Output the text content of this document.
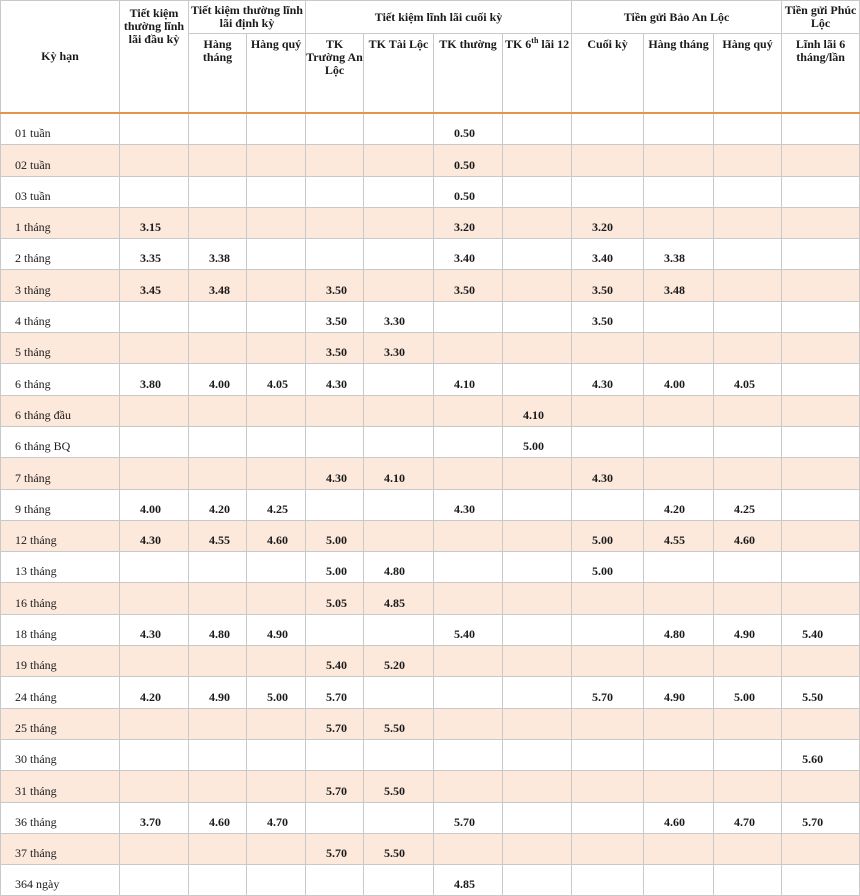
Kỳ hạn	Tiết kiệm thường lĩnh lãi đầu kỳ	Tiết kiệm thường lĩnh lãi định kỳ		Tiết kiệm lĩnh lãi cuối kỳ				Tiền gửi Bảo An Lộc			Tiền gửi Phúc Lộc
		Hàng tháng	Hàng quý	TK Trường An Lộc	TK Tài Lộc	TK thường	TK 6th lãi 12	Cuối kỳ	Hàng tháng	Hàng quý	Lĩnh lãi 6 tháng/lần
01 tuần						0.50					
02 tuần						0.50					
03 tuần						0.50					
1 tháng	3.15					3.20		3.20			
2 tháng	3.35	3.38				3.40		3.40	3.38		
3 tháng	3.45	3.48		3.50		3.50		3.50	3.48		
4 tháng				3.50	3.30			3.50			
5 tháng				3.50	3.30						
6 tháng	3.80	4.00	4.05	4.30		4.10		4.30	4.00	4.05	
6 tháng đầu							4.10				
6 tháng BQ							5.00				
7 tháng				4.30	4.10			4.30			
9 tháng	4.00	4.20	4.25			4.30			4.20	4.25	
12 tháng	4.30	4.55	4.60	5.00				5.00	4.55	4.60	
13 tháng				5.00	4.80			5.00			
16 tháng				5.05	4.85						
18 tháng	4.30	4.80	4.90			5.40			4.80	4.90	5.40
19 tháng				5.40	5.20						
24 tháng	4.20	4.90	5.00	5.70				5.70	4.90	5.00	5.50
25 tháng				5.70	5.50						
30 tháng											5.60
31 tháng				5.70	5.50						
36 tháng	3.70	4.60	4.70			5.70			4.60	4.70	5.70
37 tháng				5.70	5.50						
364 ngày						4.85					
